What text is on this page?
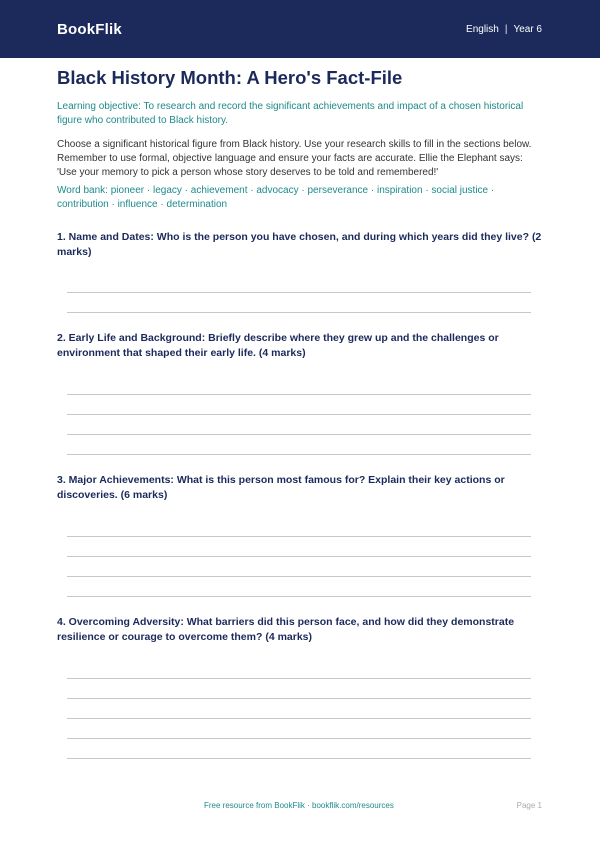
BookFlik	English | Year 6
Black History Month: A Hero's Fact-File
Learning objective: To research and record the significant achievements and impact of a chosen historical figure who contributed to Black history.
Choose a significant historical figure from Black history. Use your research skills to fill in the sections below. Remember to use formal, objective language and ensure your facts are accurate. Ellie the Elephant says: 'Use your memory to pick a person whose story deserves to be told and remembered!'
Word bank: pioneer · legacy · achievement · advocacy · perseverance · inspiration · social justice · contribution · influence · determination
1. Name and Dates: Who is the person you have chosen, and during which years did they live? (2 marks)
2. Early Life and Background: Briefly describe where they grew up and the challenges or environment that shaped their early life. (4 marks)
3. Major Achievements: What is this person most famous for? Explain their key actions or discoveries. (6 marks)
4. Overcoming Adversity: What barriers did this person face, and how did they demonstrate resilience or courage to overcome them? (4 marks)
Free resource from BookFlik · bookflik.com/resources	Page 1
